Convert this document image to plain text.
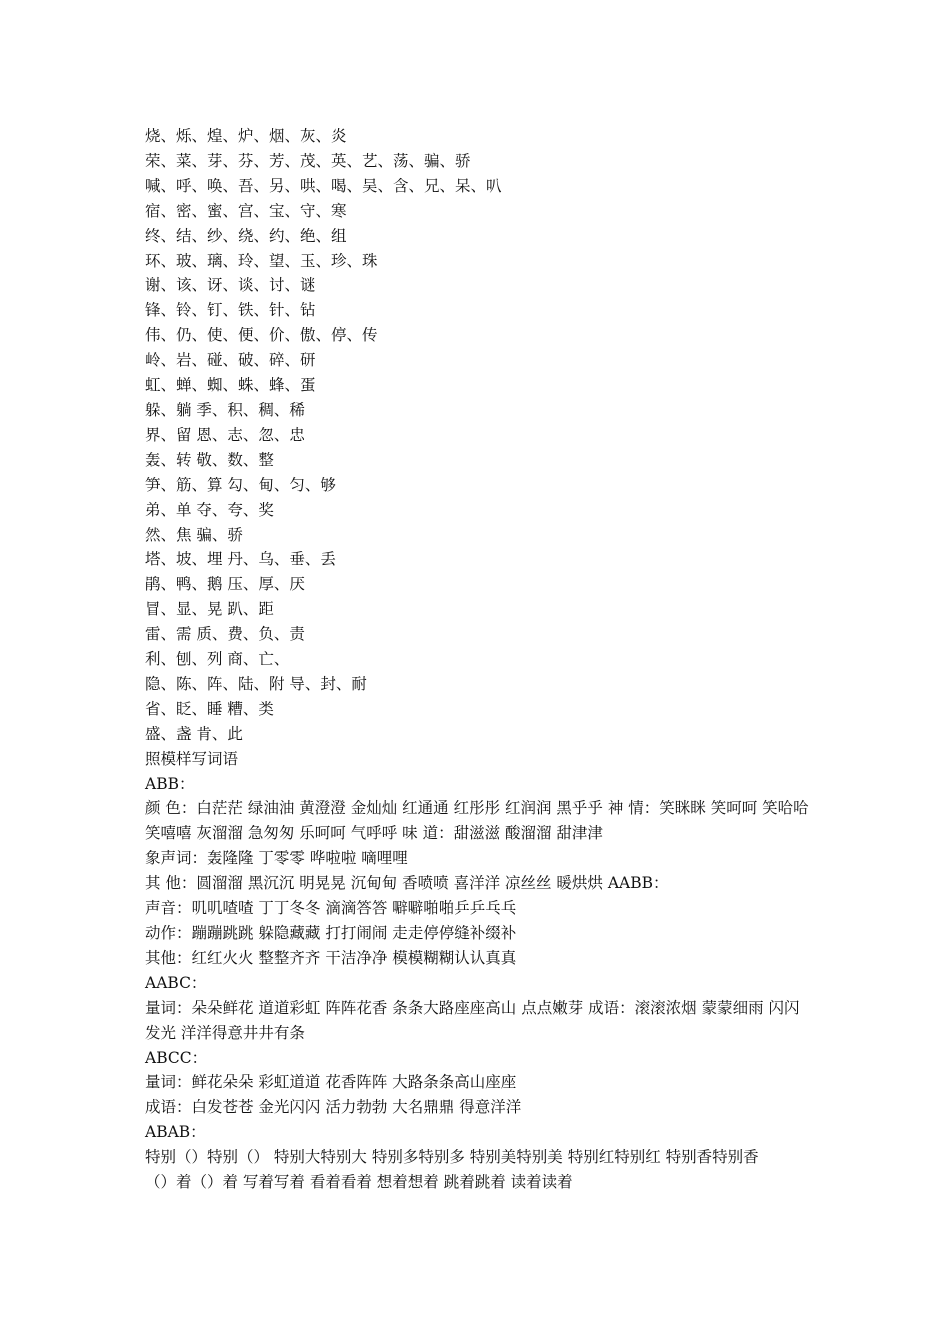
烧、烁、煌、炉、烟、灰、炎

荣、菜、芽、芬、芳、茂、英、艺、荡、骗、骄

喊、呼、唤、吾、另、哄、喝、吴、含、兄、呆、叭

宿、密、蜜、宫、宝、守、寒

终、结、纱、绕、约、绝、组

环、玻、璃、玲、望、玉、珍、珠

谢、该、讶、谈、讨、谜

锋、铃、钉、铁、针、钻

伟、仍、使、便、价、傲、停、传

岭、岩、碰、破、碎、研

虹、蝉、蜘、蛛、蜂、蛋

躲、躺 季、积、稠、稀

界、留 恩、志、忽、忠

轰、转 敬、数、整

笋、筋、算 勾、甸、匀、够

弟、单 夺、夸、奖

然、焦 骗、骄

塔、坡、埋 丹、乌、垂、丢

鹃、鸭、鹅 压、厚、厌

冒、显、晃 趴、距

雷、需 质、费、负、责

利、刨、列 商、亡、

隐、陈、阵、陆、附 导、封、耐

省、眨、睡 糟、类

盛、盏 肯、此

照模样写词语

ABB：

颜 色：白茫茫 绿油油 黄澄澄 金灿灿 红通通 红彤彤 红润润 黑乎乎 神 情：笑眯眯 笑呵呵 笑哈哈 笑嘻嘻 灰溜溜 急匆匆 乐呵呵 气呼呼 味 道：甜滋滋 酸溜溜 甜津津

象声词：轰隆隆 丁零零 哗啦啦 嘀哩哩

其 他：圆溜溜 黑沉沉 明晃晃 沉甸甸 香喷喷 喜洋洋 凉丝丝 暖烘烘 AABB：

声音：叽叽喳喳 丁丁冬冬 滴滴答答 噼噼啪啪乒乒乓乓

动作：蹦蹦跳跳 躲隐藏藏 打打闹闹 走走停停缝补缀补

其他：红红火火 整整齐齐 干洁净净 模模糊糊认认真真

AABC：

量词：朵朵鲜花 道道彩虹 阵阵花香 条条大路座座高山 点点嫩芽 成语：滚滚浓烟 蒙蒙细雨 闪闪发光 洋洋得意井井有条

ABCC：

量词：鲜花朵朵 彩虹道道 花香阵阵 大路条条高山座座

成语：白发苍苍 金光闪闪 活力勃勃 大名鼎鼎 得意洋洋

ABAB：

特别（）特别（） 特别大特别大 特别多特别多 特别美特别美 特别红特别红 特别香特别香

（）着（）着 写着写着 看着看着 想着想着 跳着跳着 读着读着
